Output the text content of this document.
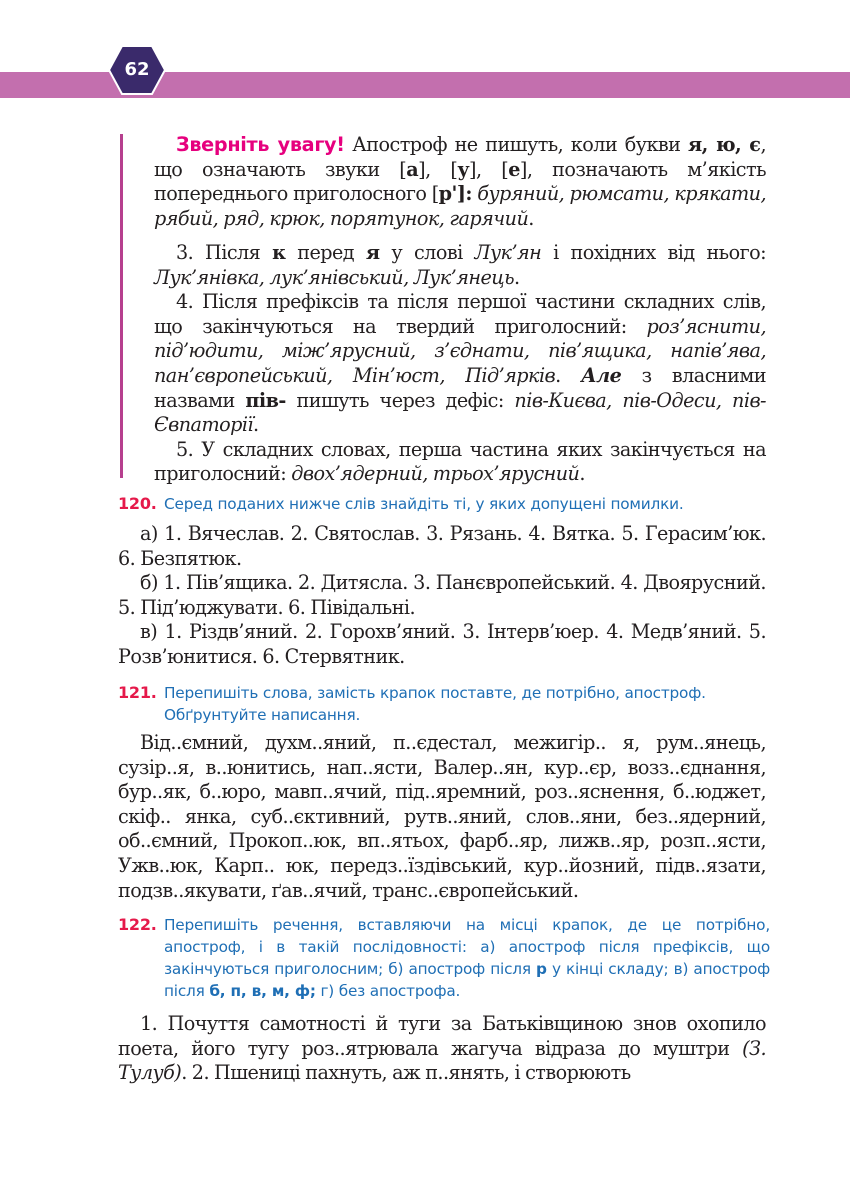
62
Зверніть увагу! Апостроф не пишуть, коли букви я, ю, є, що означають звуки [а], [у], [е], позначають м’якість попереднього приголосного [р']: буряний, рюмсати, крякати, рябий, ряд, крюк, порятунок, гарячий.
3. Після к перед я у слові Лук’ян і похідних від нього: Лук’янівка, лук’янівський, Лук’янець.
4. Після префіксів та після першої частини складних слів, що закінчуються на твердий приголосний: роз’яснити, під’юдити, між’ярусний, з’єднати, пів’ящика, напів’ява, пан’європейський, Мін’юст, Під’ярків. Але з власними назвами пів- пишуть через дефіс: пів-Києва, пів-Одеси, пів-Євпаторії.
5. У складних словах, перша частина яких закінчується на приголосний: двох’ядерний, трьох’ярусний.
120. Серед поданих нижче слів знайдіть ті, у яких допущені помилки.
а) 1. Вячеслав. 2. Святослав. 3. Рязань. 4. Вятка. 5. Герасим’юк. 6. Безпятюк.
б) 1. Пів’ящика. 2. Дитясла. 3. Панєвропейський. 4. Двоярусний. 5. Під’юджувати. 6. Півідальні.
в) 1. Різдв’яний. 2. Горохв’яний. 3. Інтерв’юер. 4. Медв’яний. 5. Розв’юнитися. 6. Стервятник.
121. Перепишіть слова, замість крапок поставте, де потрібно, апостроф.
Обґрунтуйте написання.
Від..ємний, духм..яний, п..єдестал, межигір.. я, рум..янець, сузір..я, в..юнитись, нап..ясти, Валер..ян, кур..єр, возз..єднання, бур..як, б..юро, мавп..ячий, під..яремний, роз..яснення, б..юджет, скіф.. янка, суб..єктивний, рутв..яний, слов..яни, без..ядерний, об..ємний, Прокоп..юк, вп..ятьох, фарб..яр, лижв..яр, розп..ясти, Ужв..юк, Карп.. юк, передз..їздівський, кур..йозний, підв..язати, подзв..якувати, ґав..ячий, транс..європейський.
122. Перепишіть речення, вставляючи на місці крапок, де це потрібно, апостроф, і в такій послідовності: а) апостроф після префіксів, що закінчуються приголосним; б) апостроф після р у кінці складу; в) апостроф після б, п, в, м, ф; г) без апострофа.
1. Почуття самотності й туги за Батьківщиною знов охопило поета, його тугу роз..ятрювала жагуча відраза до муштри (З. Тулуб). 2. Пшениці пахнуть, аж п..янять, і створюють
